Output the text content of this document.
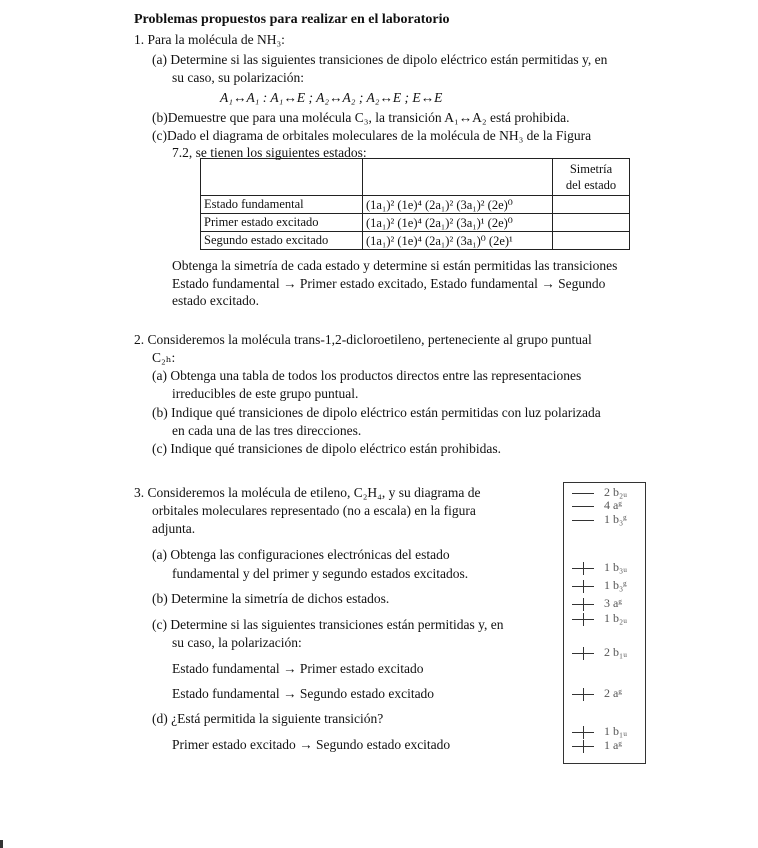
Problemas propuestos para realizar en el laboratorio
1. Para la molécula de NH₃:
(a) Determine si las siguientes transiciones de dipolo eléctrico están permitidas y, en
su caso, su polarización:
A₁↔A₁ : A₁↔E ; A₂↔A₂ ; A₂↔E ; E↔E
(b)Demuestre que para una molécula C₃, la transición A₁↔A₂ está prohibida.
(c)Dado el diagrama de orbitales moleculares de la molécula de NH₃ de la Figura
7.2, se tienen los siguientes estados:
		Simetría
del estado
Estado fundamental	(1a₁)² (1e)⁴ (2a₁)² (3a₁)² (2e)⁰	
Primer estado excitado	(1a₁)² (1e)⁴ (2a₁)² (3a₁)¹ (2e)⁰	
Segundo estado excitado	(1a₁)² (1e)⁴ (2a₁)² (3a₁)⁰ (2e)¹	
Obtenga la simetría de cada estado y determine si están permitidas las transiciones
Estado fundamental → Primer estado excitado, Estado fundamental → Segundo
estado excitado.
2. Consideremos la molécula trans-1,2-dicloroetileno, perteneciente al grupo puntual
C₂ₕ:
(a) Obtenga una tabla de todos los productos directos entre las representaciones
irreducibles de este grupo puntual.
(b) Indique qué transiciones de dipolo eléctrico están permitidas con luz polarizada
en cada una de las tres direcciones.
(c) Indique qué transiciones de dipolo eléctrico están prohibidas.
3. Consideremos la molécula de etileno, C₂H₄, y su diagrama de
orbitales moleculares representado (no a escala) en la figura
adjunta.
(a) Obtenga las configuraciones electrónicas del estado
fundamental y del primer y segundo estados excitados.
(b) Determine la simetría de dichos estados.
(c) Determine si las siguientes transiciones están permitidas y, en
su caso, la polarización:
Estado fundamental → Primer estado excitado
Estado fundamental → Segundo estado excitado
(d) ¿Está permitida la siguiente transición?
Primer estado excitado → Segundo estado excitado
2 b₂ᵤ
4 aᵍ
1 b₃ᵍ
1 b₃ᵤ
1 b₃ᵍ
3 aᵍ
1 b₂ᵤ
2 b₁ᵤ
2 aᵍ
1 b₁ᵤ
1 aᵍ
